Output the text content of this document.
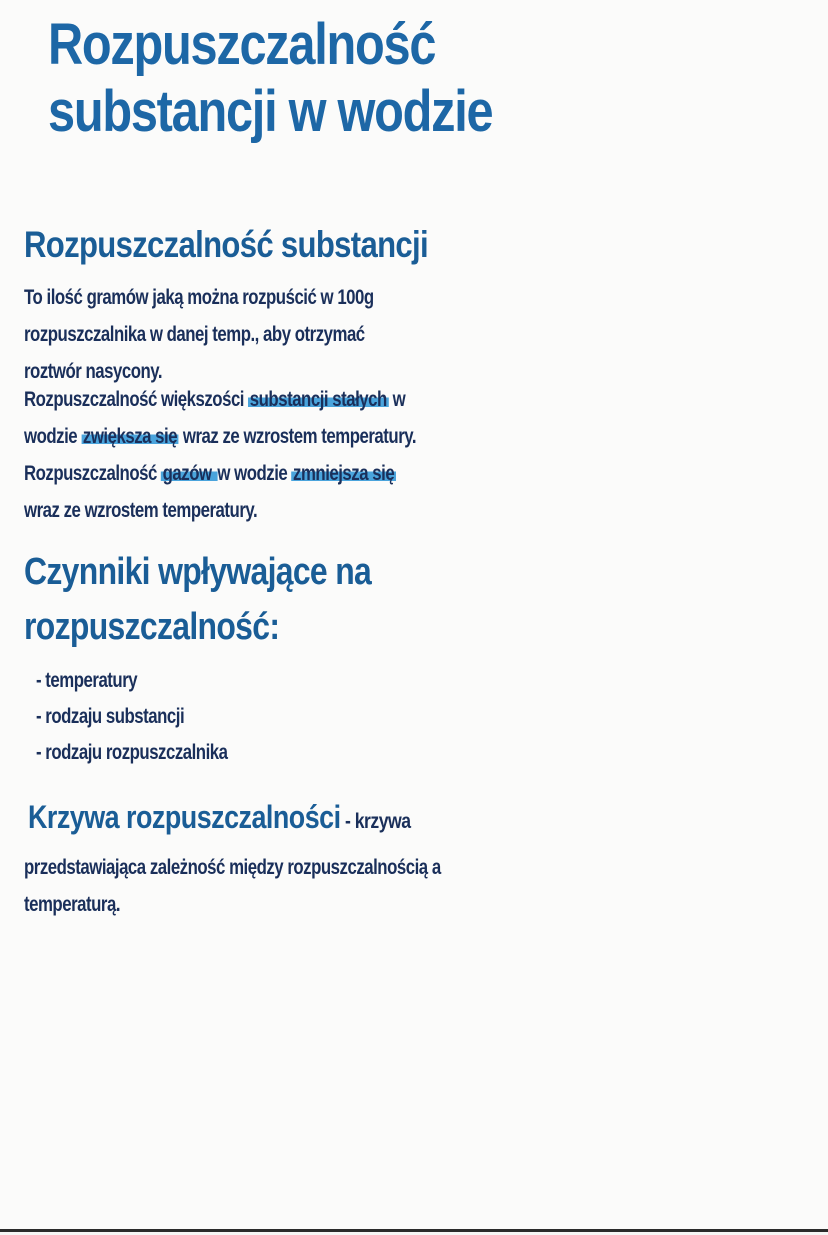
Rozpuszczalność substancji w wodzie
Rozpuszczalność substancji
To ilość gramów jaką można rozpuścić w 100g
rozpuszczalnika w danej temp., aby otrzymać
roztwór nasycony.
Rozpuszczalność większości substancji stałych w
wodzie zwiększa się wraz ze wzrostem temperatury.
Rozpuszczalność gazów w wodzie zmniejsza się
wraz ze wzrostem temperatury.
Czynniki wpływające na rozpuszczalność:
- temperatury
- rodzaju substancji
- rodzaju rozpuszczalnika
Krzywa rozpuszczalności - krzywa
przedstawiająca zależność między rozpuszczalnością a
temperaturą.
